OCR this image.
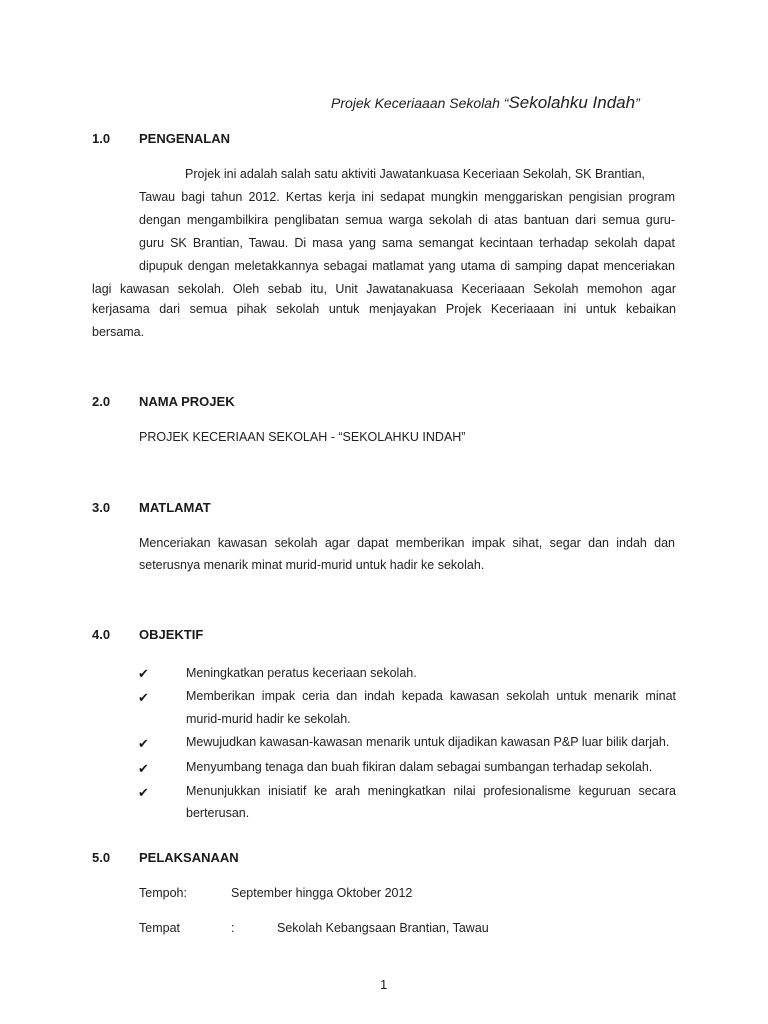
Projek Keceriaaan Sekolah “Sekolahku Indah”
1.0 PENGENALAN
Projek ini adalah salah satu aktiviti Jawatankuasa Keceriaan Sekolah, SK Brantian,
Tawau bagi tahun 2012. Kertas kerja ini sedapat mungkin menggariskan pengisian program
dengan mengambilkira penglibatan semua warga sekolah di atas bantuan dari semua guru-
guru SK Brantian, Tawau. Di masa yang sama semangat kecintaan terhadap sekolah dapat
dipupuk dengan meletakkannya sebagai matlamat yang utama di samping dapat menceriakan
lagi kawasan sekolah. Oleh sebab itu, Unit Jawatanakuasa Keceriaaan Sekolah memohon agar
kerjasama dari semua pihak sekolah untuk menjayakan Projek Keceriaaan ini untuk kebaikan
bersama.
2.0 NAMA PROJEK
PROJEK KECERIAAN SEKOLAH - “SEKOLAHKU INDAH”
3.0 MATLAMAT
Menceriakan kawasan sekolah agar dapat memberikan impak sihat, segar dan indah dan
seterusnya menarik minat murid-murid untuk hadir ke sekolah.
4.0 OBJEKTIF
✔	Meningkatkan peratus keceriaan sekolah.
✔	Memberikan impak ceria dan indah kepada kawasan sekolah untuk menarik minat
murid-murid hadir ke sekolah.
✔	Mewujudkan kawasan-kawasan menarik untuk dijadikan kawasan P&P luar bilik darjah.
✔	Menyumbang tenaga dan buah fikiran dalam sebagai sumbangan terhadap sekolah.
✔	Menunjukkan inisiatif ke arah meningkatkan nilai profesionalisme keguruan secara
berterusan.
5.0 PELAKSANAAN
Tempoh:	September hingga Oktober 2012
Tempat	:	Sekolah Kebangsaan Brantian, Tawau
1
